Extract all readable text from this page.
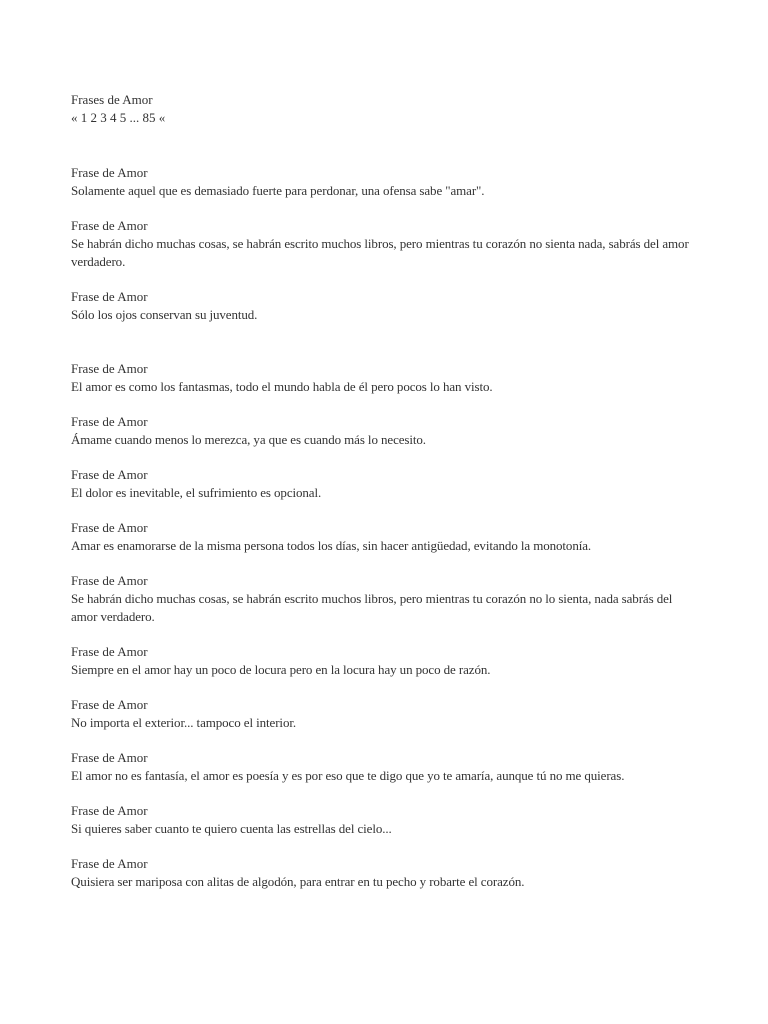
Frases de Amor
« 1 2 3 4 5 ... 85 «
Frase de Amor
Solamente aquel que es demasiado fuerte para perdonar, una ofensa sabe "amar".
Frase de Amor
Se habrán dicho muchas cosas, se habrán escrito muchos libros, pero mientras tu corazón no sienta nada, sabrás del amor verdadero.
Frase de Amor
Sólo los ojos conservan su juventud.
Frase de Amor
El amor es como los fantasmas, todo el mundo habla de él pero pocos lo han visto.
Frase de Amor
Ámame cuando menos lo merezca, ya que es cuando más lo necesito.
Frase de Amor
El dolor es inevitable, el sufrimiento es opcional.
Frase de Amor
Amar es enamorarse de la misma persona todos los días, sin hacer antigüedad, evitando la monotonía.
Frase de Amor
Se habrán dicho muchas cosas, se habrán escrito muchos libros, pero mientras tu corazón no lo sienta, nada sabrás del amor verdadero.
Frase de Amor
Siempre en el amor hay un poco de locura pero en la locura hay un poco de razón.
Frase de Amor
No importa el exterior... tampoco el interior.
Frase de Amor
El amor no es fantasía, el amor es poesía y es por eso que te digo que yo te amaría, aunque tú no me quieras.
Frase de Amor
Si quieres saber cuanto te quiero cuenta las estrellas del cielo...
Frase de Amor
Quisiera ser mariposa con alitas de algodón, para entrar en tu pecho y robarte el corazón.
